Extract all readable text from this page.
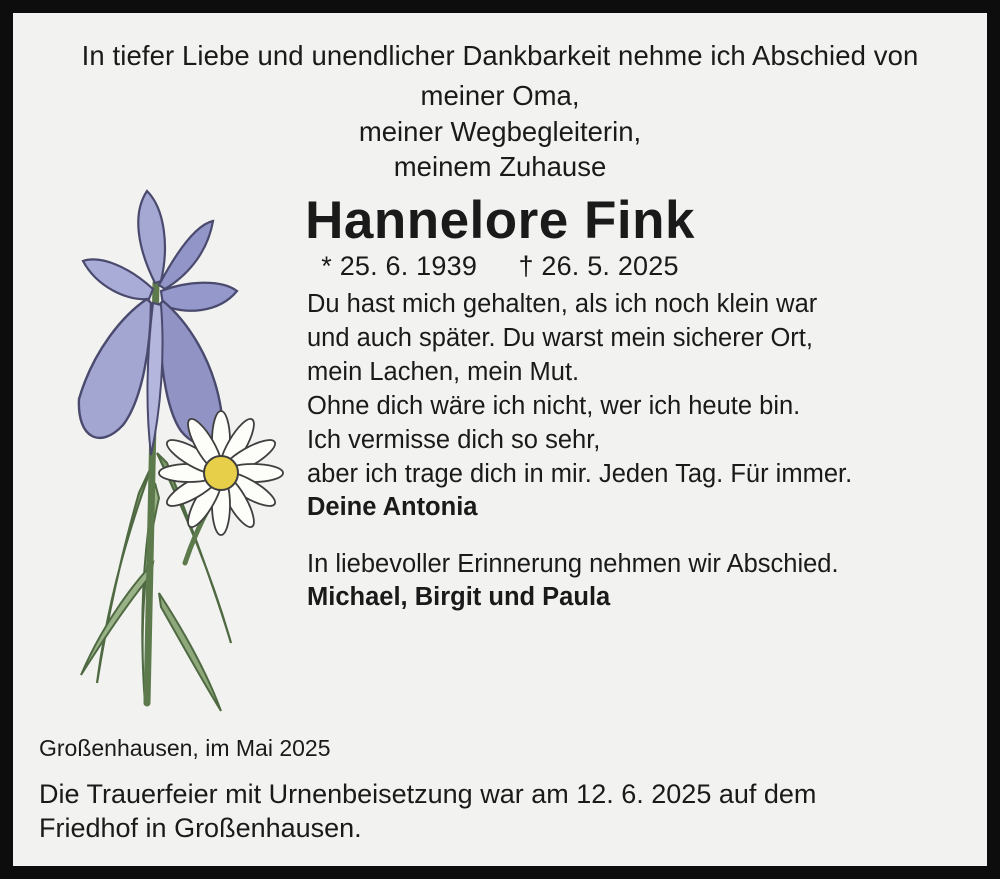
In tiefer Liebe und unendlicher Dankbarkeit nehme ich Abschied von
meiner Oma,
meiner Wegbegleiterin,
meinem Zuhause
Hannelore Fink
* 25. 6. 1939 † 26. 5. 2025
Du hast mich gehalten, als ich noch klein war
und auch später. Du warst mein sicherer Ort,
mein Lachen, mein Mut.
Ohne dich wäre ich nicht, wer ich heute bin.
Ich vermisse dich so sehr,
aber ich trage dich in mir. Jeden Tag. Für immer.
Deine Antonia
In liebevoller Erinnerung nehmen wir Abschied.
Michael, Birgit und Paula
Großenhausen, im Mai 2025
Die Trauerfeier mit Urnenbeisetzung war am 12. 6. 2025 auf dem
Friedhof in Großenhausen.
